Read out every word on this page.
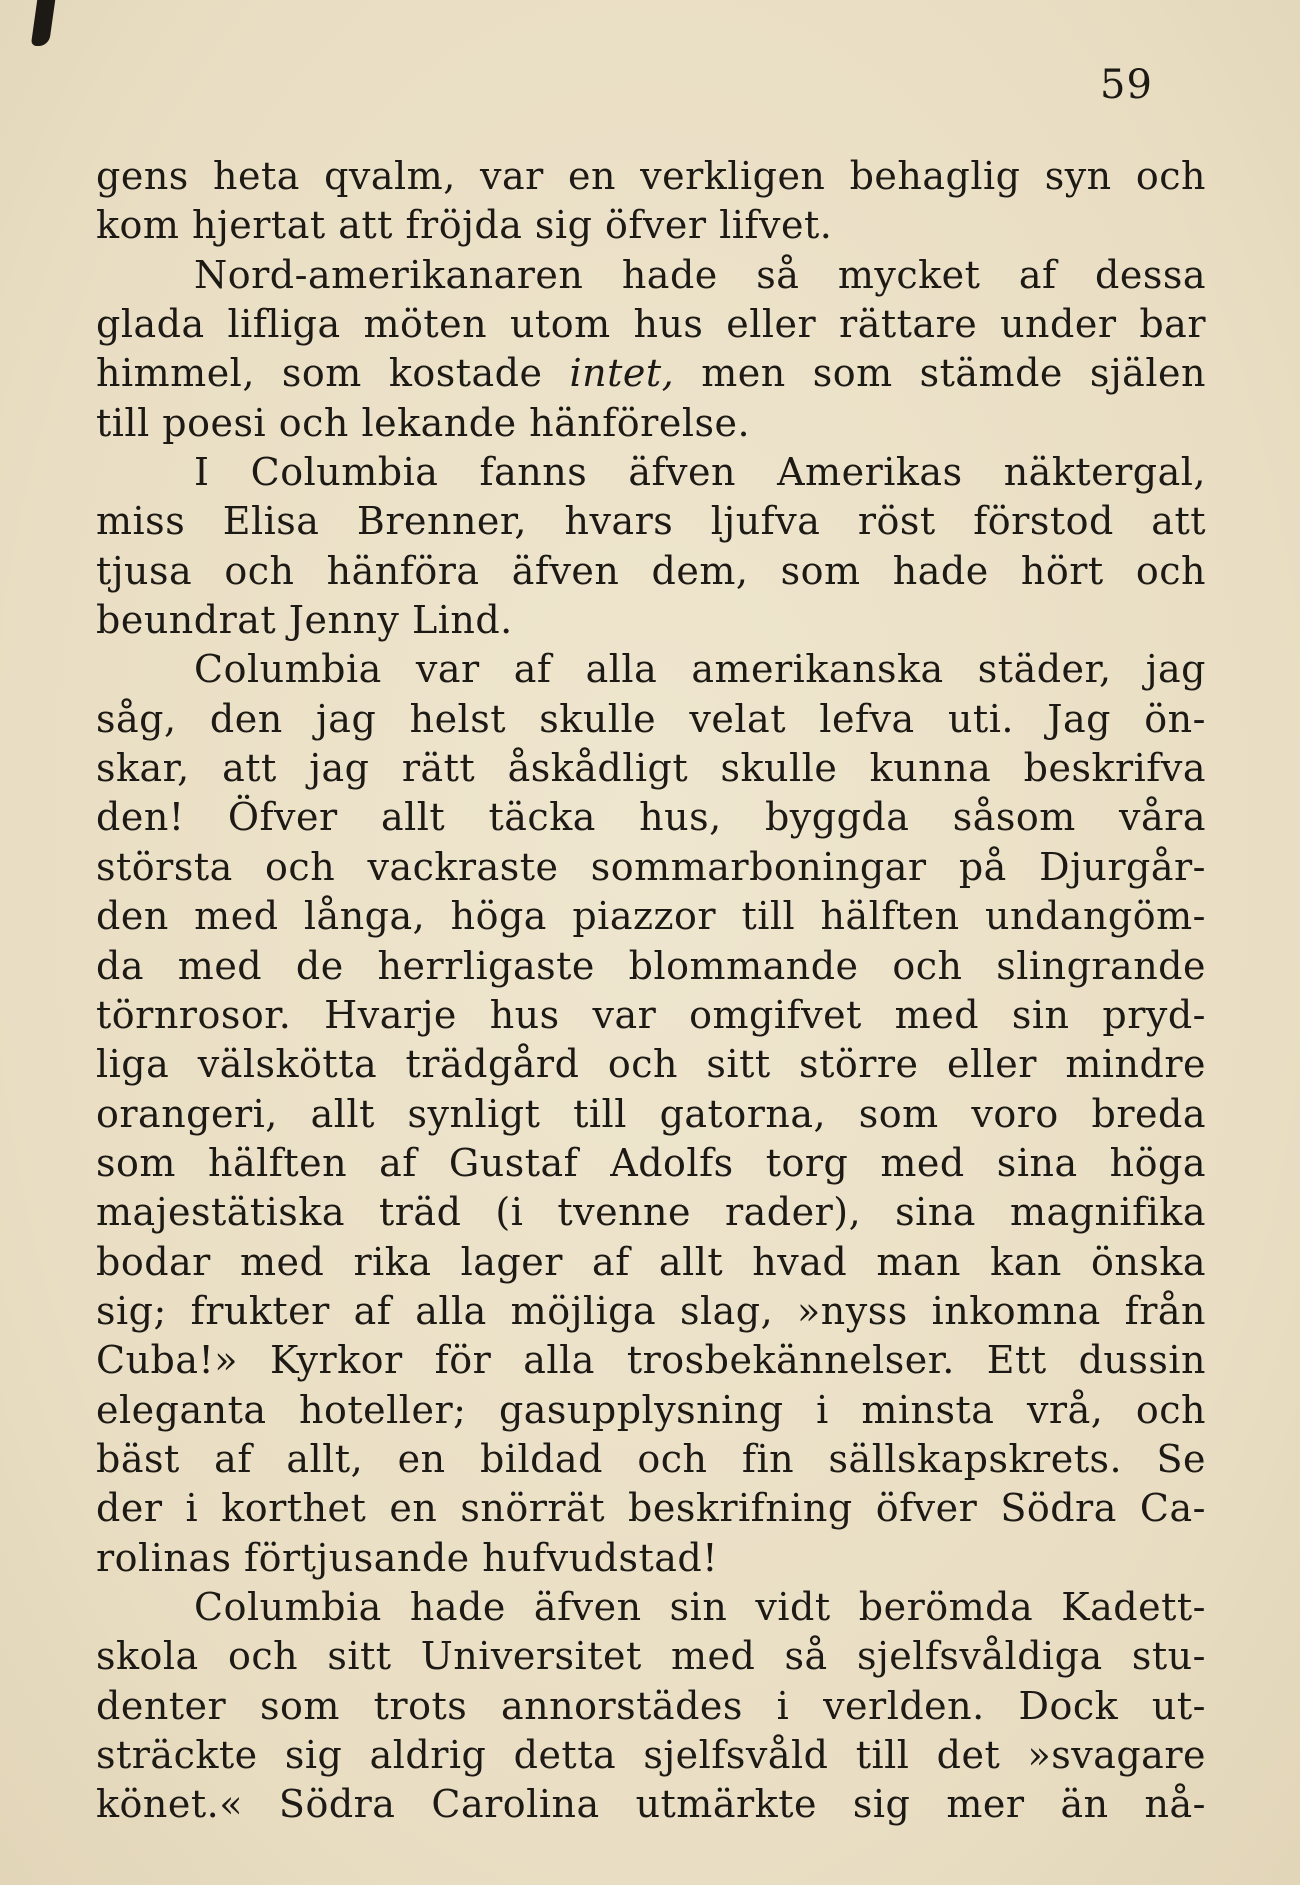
59
gens heta qvalm, var en verkligen behaglig syn och
kom hjertat att fröjda sig öfver lifvet.
Nord-amerikanaren hade så mycket af dessa
glada lifliga möten utom hus eller rättare under bar
himmel, som kostade intet, men som stämde själen
till poesi och lekande hänförelse.
I Columbia fanns äfven Amerikas näktergal,
miss Elisa Brenner, hvars ljufva röst förstod att
tjusa och hänföra äfven dem, som hade hört och
beundrat Jenny Lind.
Columbia var af alla amerikanska städer, jag
såg, den jag helst skulle velat lefva uti. Jag ön-
skar, att jag rätt åskådligt skulle kunna beskrifva
den! Öfver allt täcka hus, byggda såsom våra
största och vackraste sommarboningar på Djurgår-
den med långa, höga piazzor till hälften undangöm-
da med de herrligaste blommande och slingrande
törnrosor. Hvarje hus var omgifvet med sin pryd-
liga välskötta trädgård och sitt större eller mindre
orangeri, allt synligt till gatorna, som voro breda
som hälften af Gustaf Adolfs torg med sina höga
majestätiska träd (i tvenne rader), sina magnifika
bodar med rika lager af allt hvad man kan önska
sig; frukter af alla möjliga slag, »nyss inkomna från
Cuba!» Kyrkor för alla trosbekännelser. Ett dussin
eleganta hoteller; gasupplysning i minsta vrå, och
bäst af allt, en bildad och fin sällskapskrets. Se
der i korthet en snörrät beskrifning öfver Södra Ca-
rolinas förtjusande hufvudstad!
Columbia hade äfven sin vidt berömda Kadett-
skola och sitt Universitet med så sjelfsvåldiga stu-
denter som trots annorstädes i verlden. Dock ut-
sträckte sig aldrig detta sjelfsvåld till det »svagare
könet.« Södra Carolina utmärkte sig mer än nå-
